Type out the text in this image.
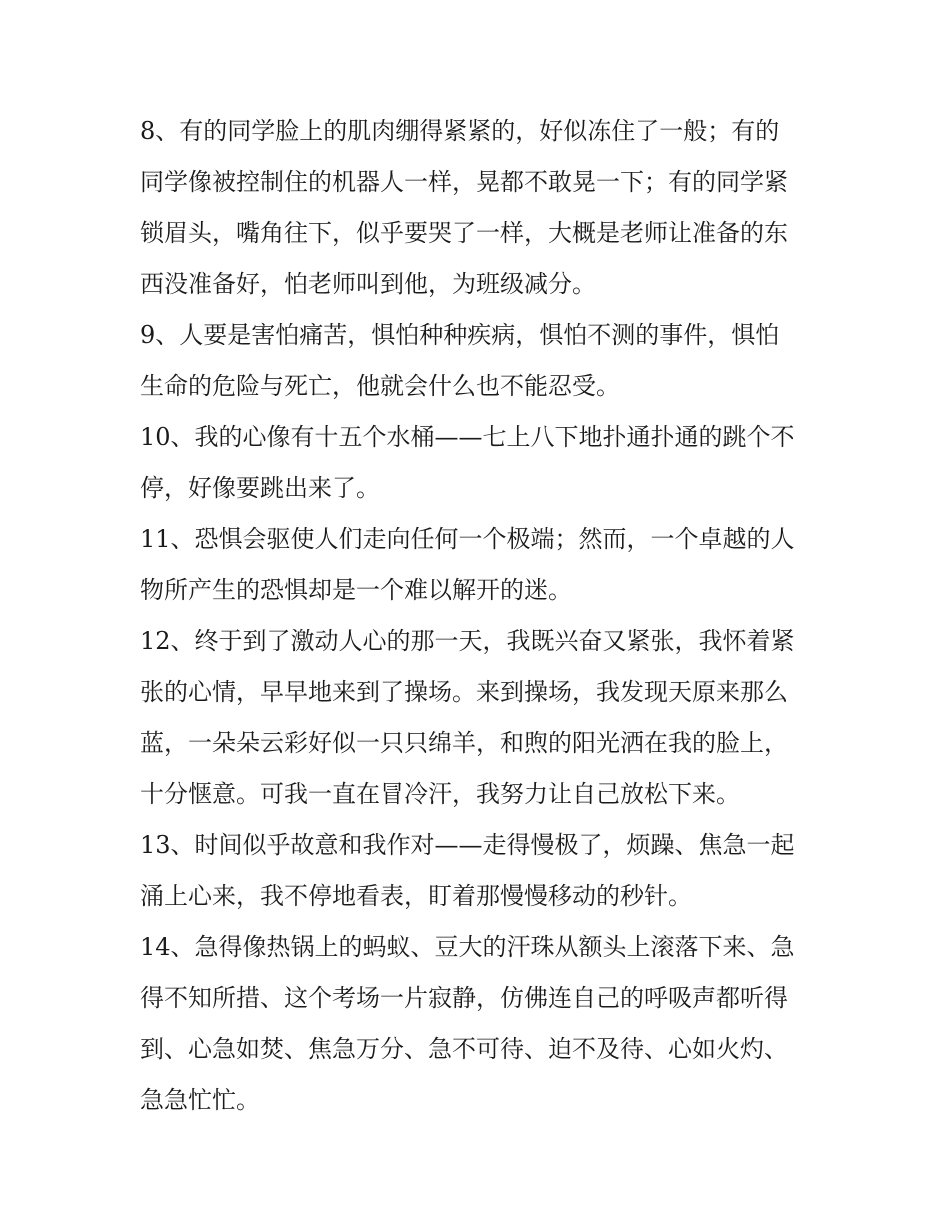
8、有的同学脸上的肌肉绷得紧紧的，好似冻住了一般；有的
同学像被控制住的机器人一样，晃都不敢晃一下；有的同学紧
锁眉头，嘴角往下，似乎要哭了一样，大概是老师让准备的东
西没准备好，怕老师叫到他，为班级减分。

9、人要是害怕痛苦，惧怕种种疾病，惧怕不测的事件，惧怕
生命的危险与死亡，他就会什么也不能忍受。

10、我的心像有十五个水桶——七上八下地扑通扑通的跳个不
停，好像要跳出来了。

11、恐惧会驱使人们走向任何一个极端；然而，一个卓越的人
物所产生的恐惧却是一个难以解开的迷。

12、终于到了激动人心的那一天，我既兴奋又紧张，我怀着紧
张的心情，早早地来到了操场。来到操场，我发现天原来那么
蓝，一朵朵云彩好似一只只绵羊，和煦的阳光洒在我的脸上，
十分惬意。可我一直在冒冷汗，我努力让自己放松下来。

13、时间似乎故意和我作对——走得慢极了，烦躁、焦急一起
涌上心来，我不停地看表，盯着那慢慢移动的秒针。

14、急得像热锅上的蚂蚁、豆大的汗珠从额头上滚落下来、急
得不知所措、这个考场一片寂静，仿佛连自己的呼吸声都听得
到、心急如焚、焦急万分、急不可待、迫不及待、心如火灼、
急急忙忙。
